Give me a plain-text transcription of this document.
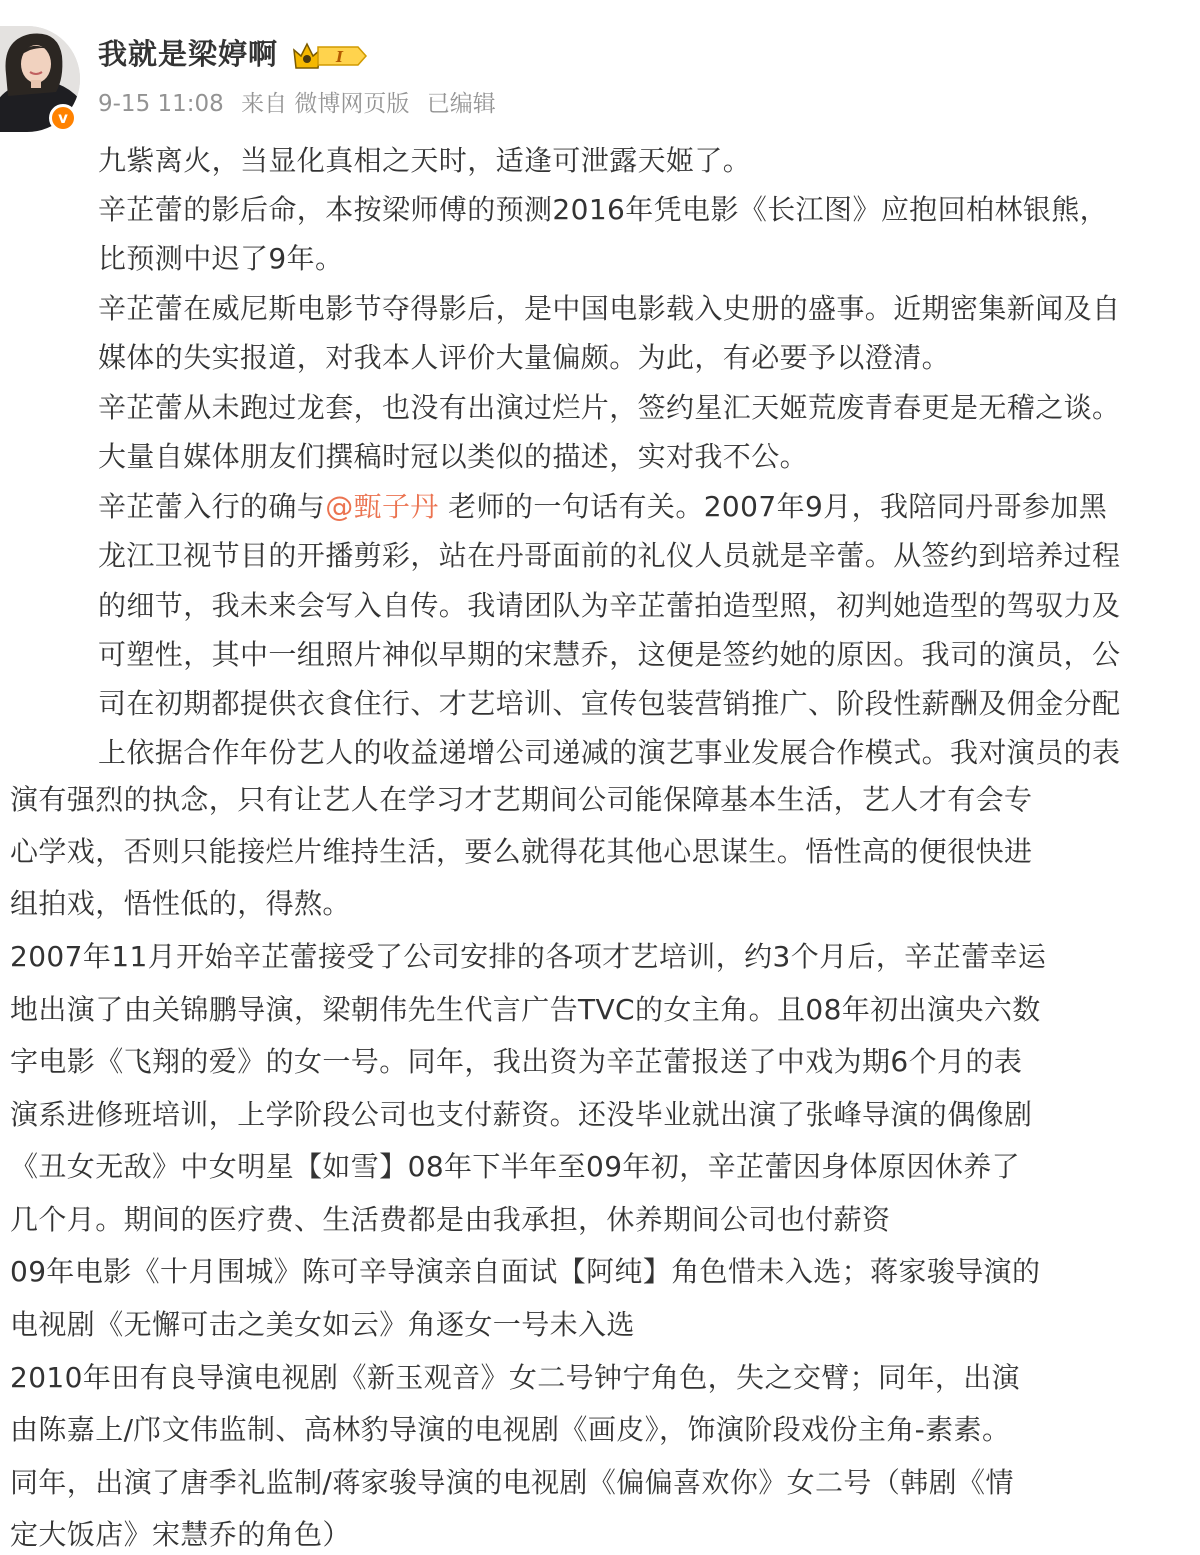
v
我就是梁婷啊	I
9-15 11:08 来自 微博网页版 已编辑
九紫离火，当显化真相之天时，适逢可泄露天姬了。
辛芷蕾的影后命，本按梁师傅的预测2016年凭电影《长江图》应抱回柏林银熊，
比预测中迟了9年。
辛芷蕾在威尼斯电影节夺得影后，是中国电影载入史册的盛事。近期密集新闻及自
媒体的失实报道，对我本人评价大量偏颇。为此，有必要予以澄清。
辛芷蕾从未跑过龙套，也没有出演过烂片，签约星汇天姬荒废青春更是无稽之谈。
大量自媒体朋友们撰稿时冠以类似的描述，实对我不公。
辛芷蕾入行的确与@甄子丹 老师的一句话有关。2007年9月，我陪同丹哥参加黑
龙江卫视节目的开播剪彩，站在丹哥面前的礼仪人员就是辛蕾。从签约到培养过程
的细节，我未来会写入自传。我请团队为辛芷蕾拍造型照，初判她造型的驾驭力及
可塑性，其中一组照片神似早期的宋慧乔，这便是签约她的原因。我司的演员，公
司在初期都提供衣食住行、才艺培训、宣传包装营销推广、阶段性薪酬及佣金分配
上依据合作年份艺人的收益递增公司递减的演艺事业发展合作模式。我对演员的表
演有强烈的执念，只有让艺人在学习才艺期间公司能保障基本生活，艺人才有会专
心学戏，否则只能接烂片维持生活，要么就得花其他心思谋生。悟性高的便很快进
组拍戏，悟性低的，得熬。
2007年11月开始辛芷蕾接受了公司安排的各项才艺培训，约3个月后，辛芷蕾幸运
地出演了由关锦鹏导演，梁朝伟先生代言广告TVC的女主角。且08年初出演央六数
字电影《飞翔的爱》的女一号。同年，我出资为辛芷蕾报送了中戏为期6个月的表
演系进修班培训，上学阶段公司也支付薪资。还没毕业就出演了张峰导演的偶像剧
《丑女无敌》中女明星【如雪】08年下半年至09年初，辛芷蕾因身体原因休养了
几个月。期间的医疗费、生活费都是由我承担，休养期间公司也付薪资
09年电影《十月围城》陈可辛导演亲自面试【阿纯】角色惜未入选；蒋家骏导演的
电视剧《无懈可击之美女如云》角逐女一号未入选
2010年田有良导演电视剧《新玉观音》女二号钟宁角色，失之交臂；同年，出演
由陈嘉上/邝文伟监制、高林豹导演的电视剧《画皮》，饰演阶段戏份主角-素素。
同年，出演了唐季礼监制/蒋家骏导演的电视剧《偏偏喜欢你》女二号（韩剧《情
定大饭店》宋慧乔的角色）
